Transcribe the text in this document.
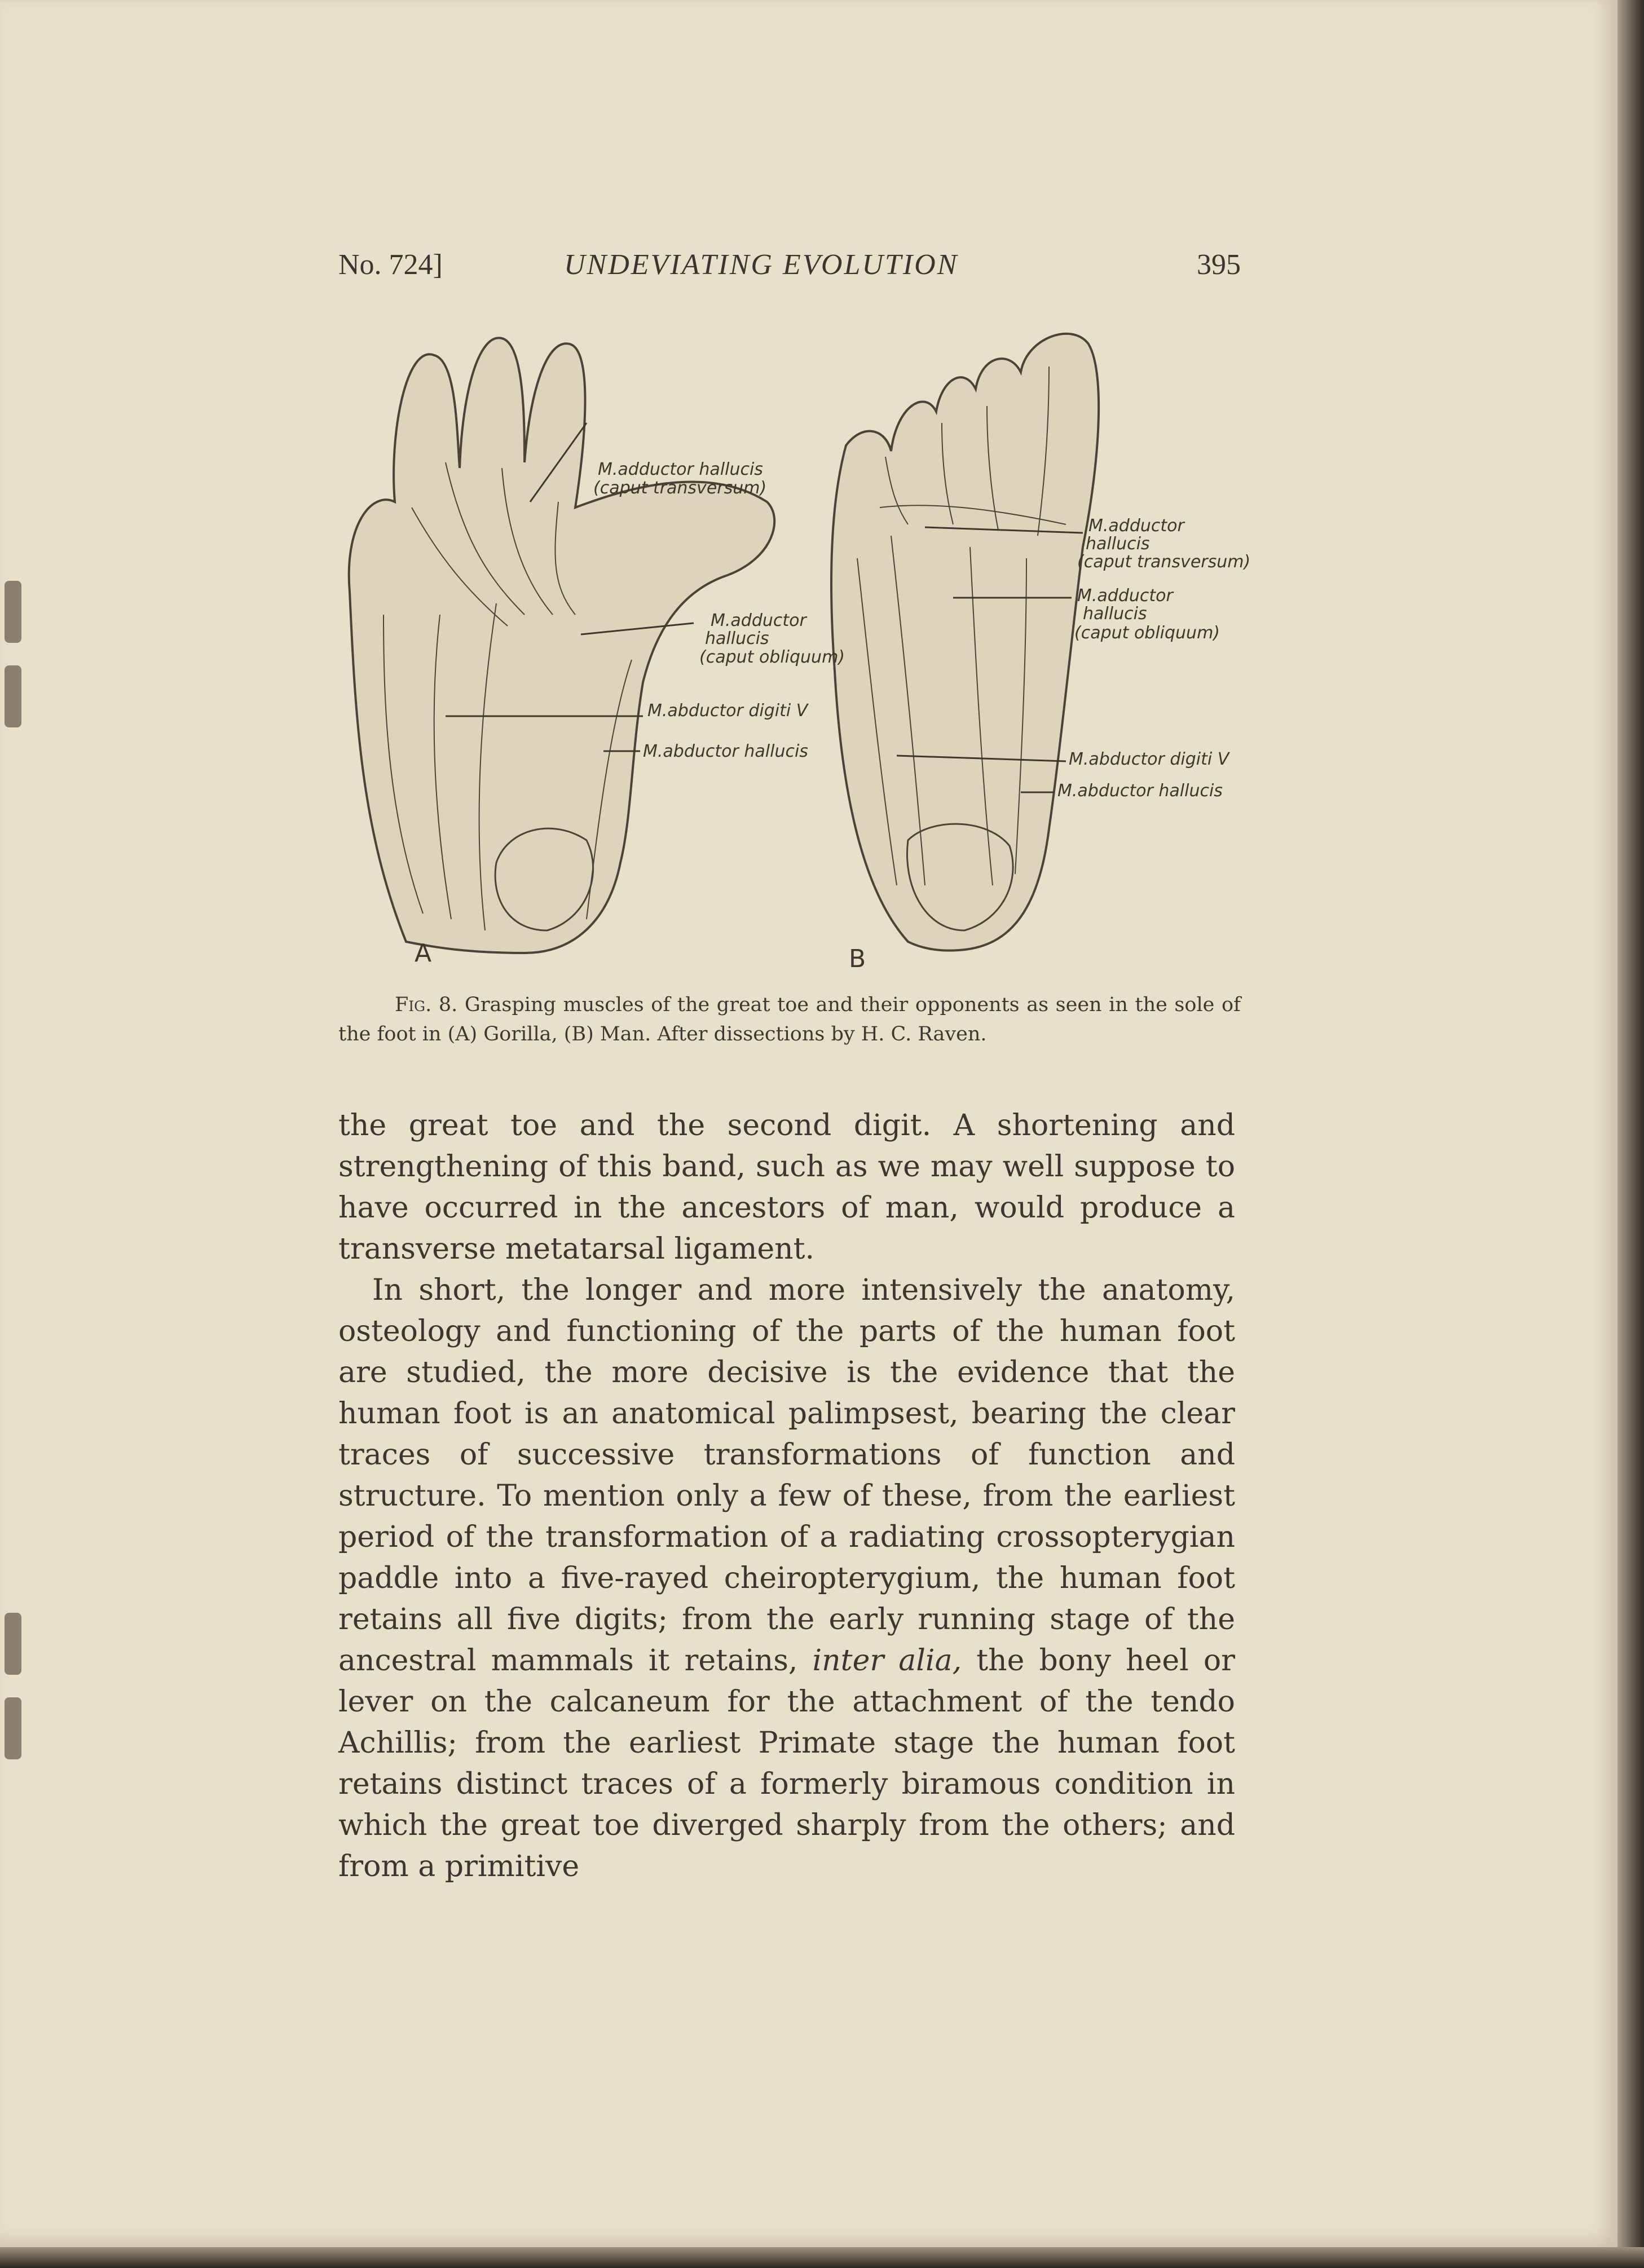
No. 724]	UNDEVIATING EVOLUTION	395
M.adductor hallucis
(caput transversum)
M.adductor
hallucis
(caput obliquum)
M.abductor digiti V
M.abductor hallucis
M.adductor
hallucis
(caput transversum)
M.adductor
hallucis
(caput obliquum)
M.abductor digiti V
M.abductor hallucis
A	B
Fig. 8. Grasping muscles of the great toe and their opponents as seen in the sole of the foot in (A) Gorilla, (B) Man. After dissections by H. C. Raven.

the great toe and the second digit. A shortening and strengthening of this band, such as we may well suppose to have occurred in the ancestors of man, would produce a transverse metatarsal ligament.

In short, the longer and more intensively the anatomy, osteology and functioning of the parts of the human foot are studied, the more decisive is the evidence that the human foot is an anatomical palimpsest, bearing the clear traces of successive transformations of function and structure. To mention only a few of these, from the earliest period of the transformation of a radiating crossopterygian paddle into a five-rayed cheiropterygium, the human foot retains all five digits; from the early running stage of the ancestral mammals it retains, inter alia, the bony heel or lever on the calcaneum for the attachment of the tendo Achillis; from the earliest Primate stage the human foot retains distinct traces of a formerly biramous condition in which the great toe diverged sharply from the others; and from a primitive
